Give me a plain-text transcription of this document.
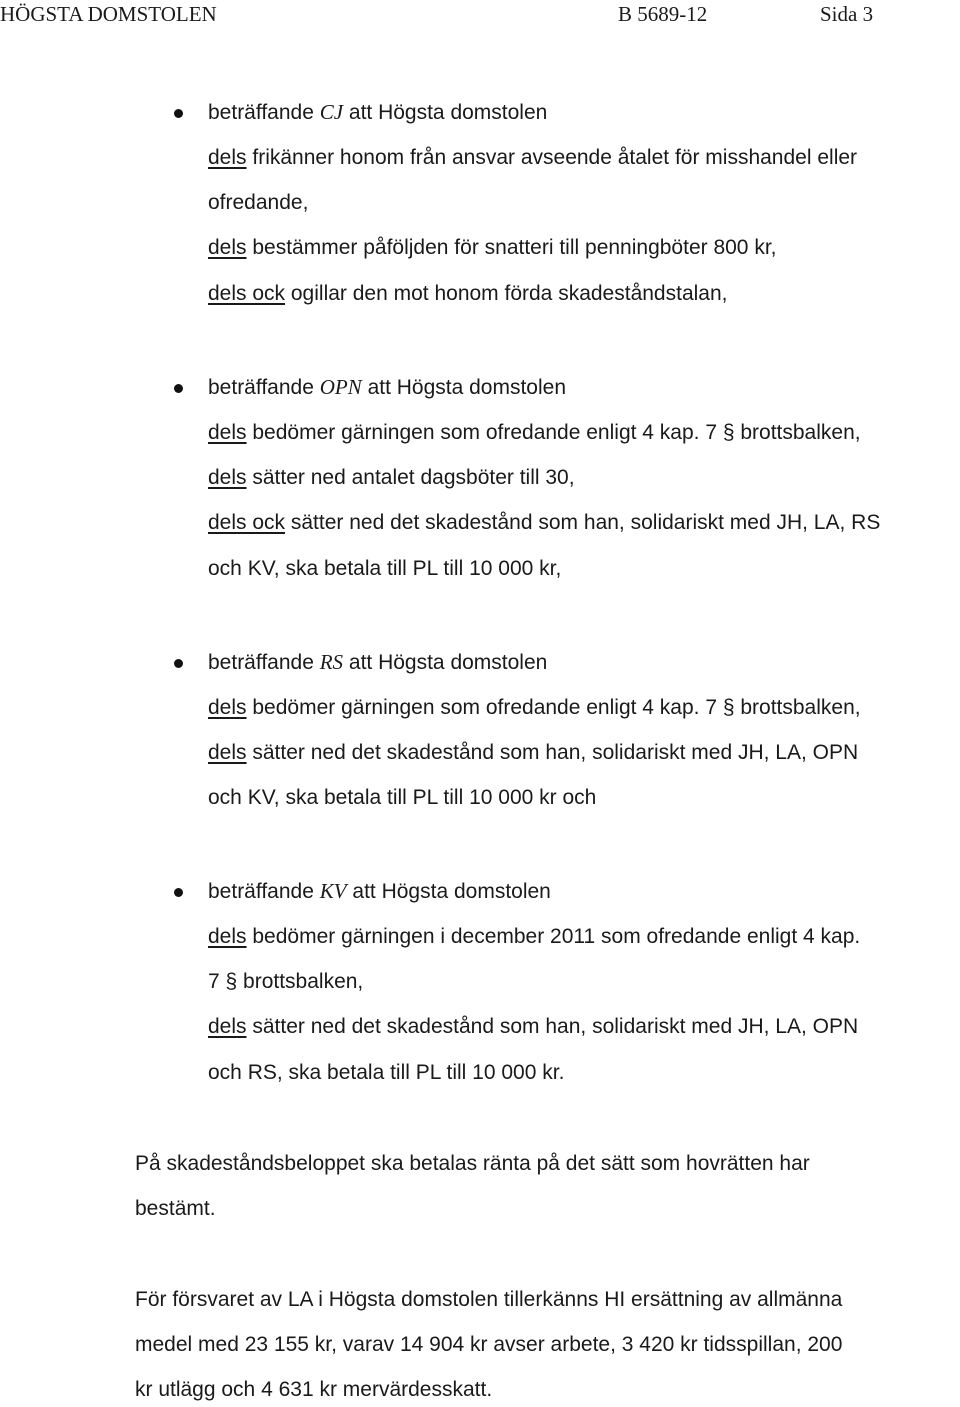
HÖGSTA DOMSTOLEN	B 5689-12	Sida 3
beträffande CJ att Högsta domstolen
dels frikänner honom från ansvar avseende åtalet för misshandel eller
ofredande,
dels bestämmer påföljden för snatteri till penningböter 800 kr,
dels ock ogillar den mot honom förda skadeståndstalan,
beträffande OPN att Högsta domstolen
dels bedömer gärningen som ofredande enligt 4 kap. 7 § brottsbalken,
dels sätter ned antalet dagsböter till 30,
dels ock sätter ned det skadestånd som han, solidariskt med JH, LA, RS
och KV, ska betala till PL till 10 000 kr,
beträffande RS att Högsta domstolen
dels bedömer gärningen som ofredande enligt 4 kap. 7 § brottsbalken,
dels sätter ned det skadestånd som han, solidariskt med JH, LA, OPN
och KV, ska betala till PL till 10 000 kr och
beträffande KV att Högsta domstolen
dels bedömer gärningen i december 2011 som ofredande enligt 4 kap.
7 § brottsbalken,
dels sätter ned det skadestånd som han, solidariskt med JH, LA, OPN
och RS, ska betala till PL till 10 000 kr.
På skadeståndsbeloppet ska betalas ränta på det sätt som hovrätten har
bestämt.
För försvaret av LA i Högsta domstolen tillerkänns HI ersättning av allmänna
medel med 23 155 kr, varav 14 904 kr avser arbete, 3 420 kr tidsspillan, 200
kr utlägg och 4 631 kr mervärdesskatt.
